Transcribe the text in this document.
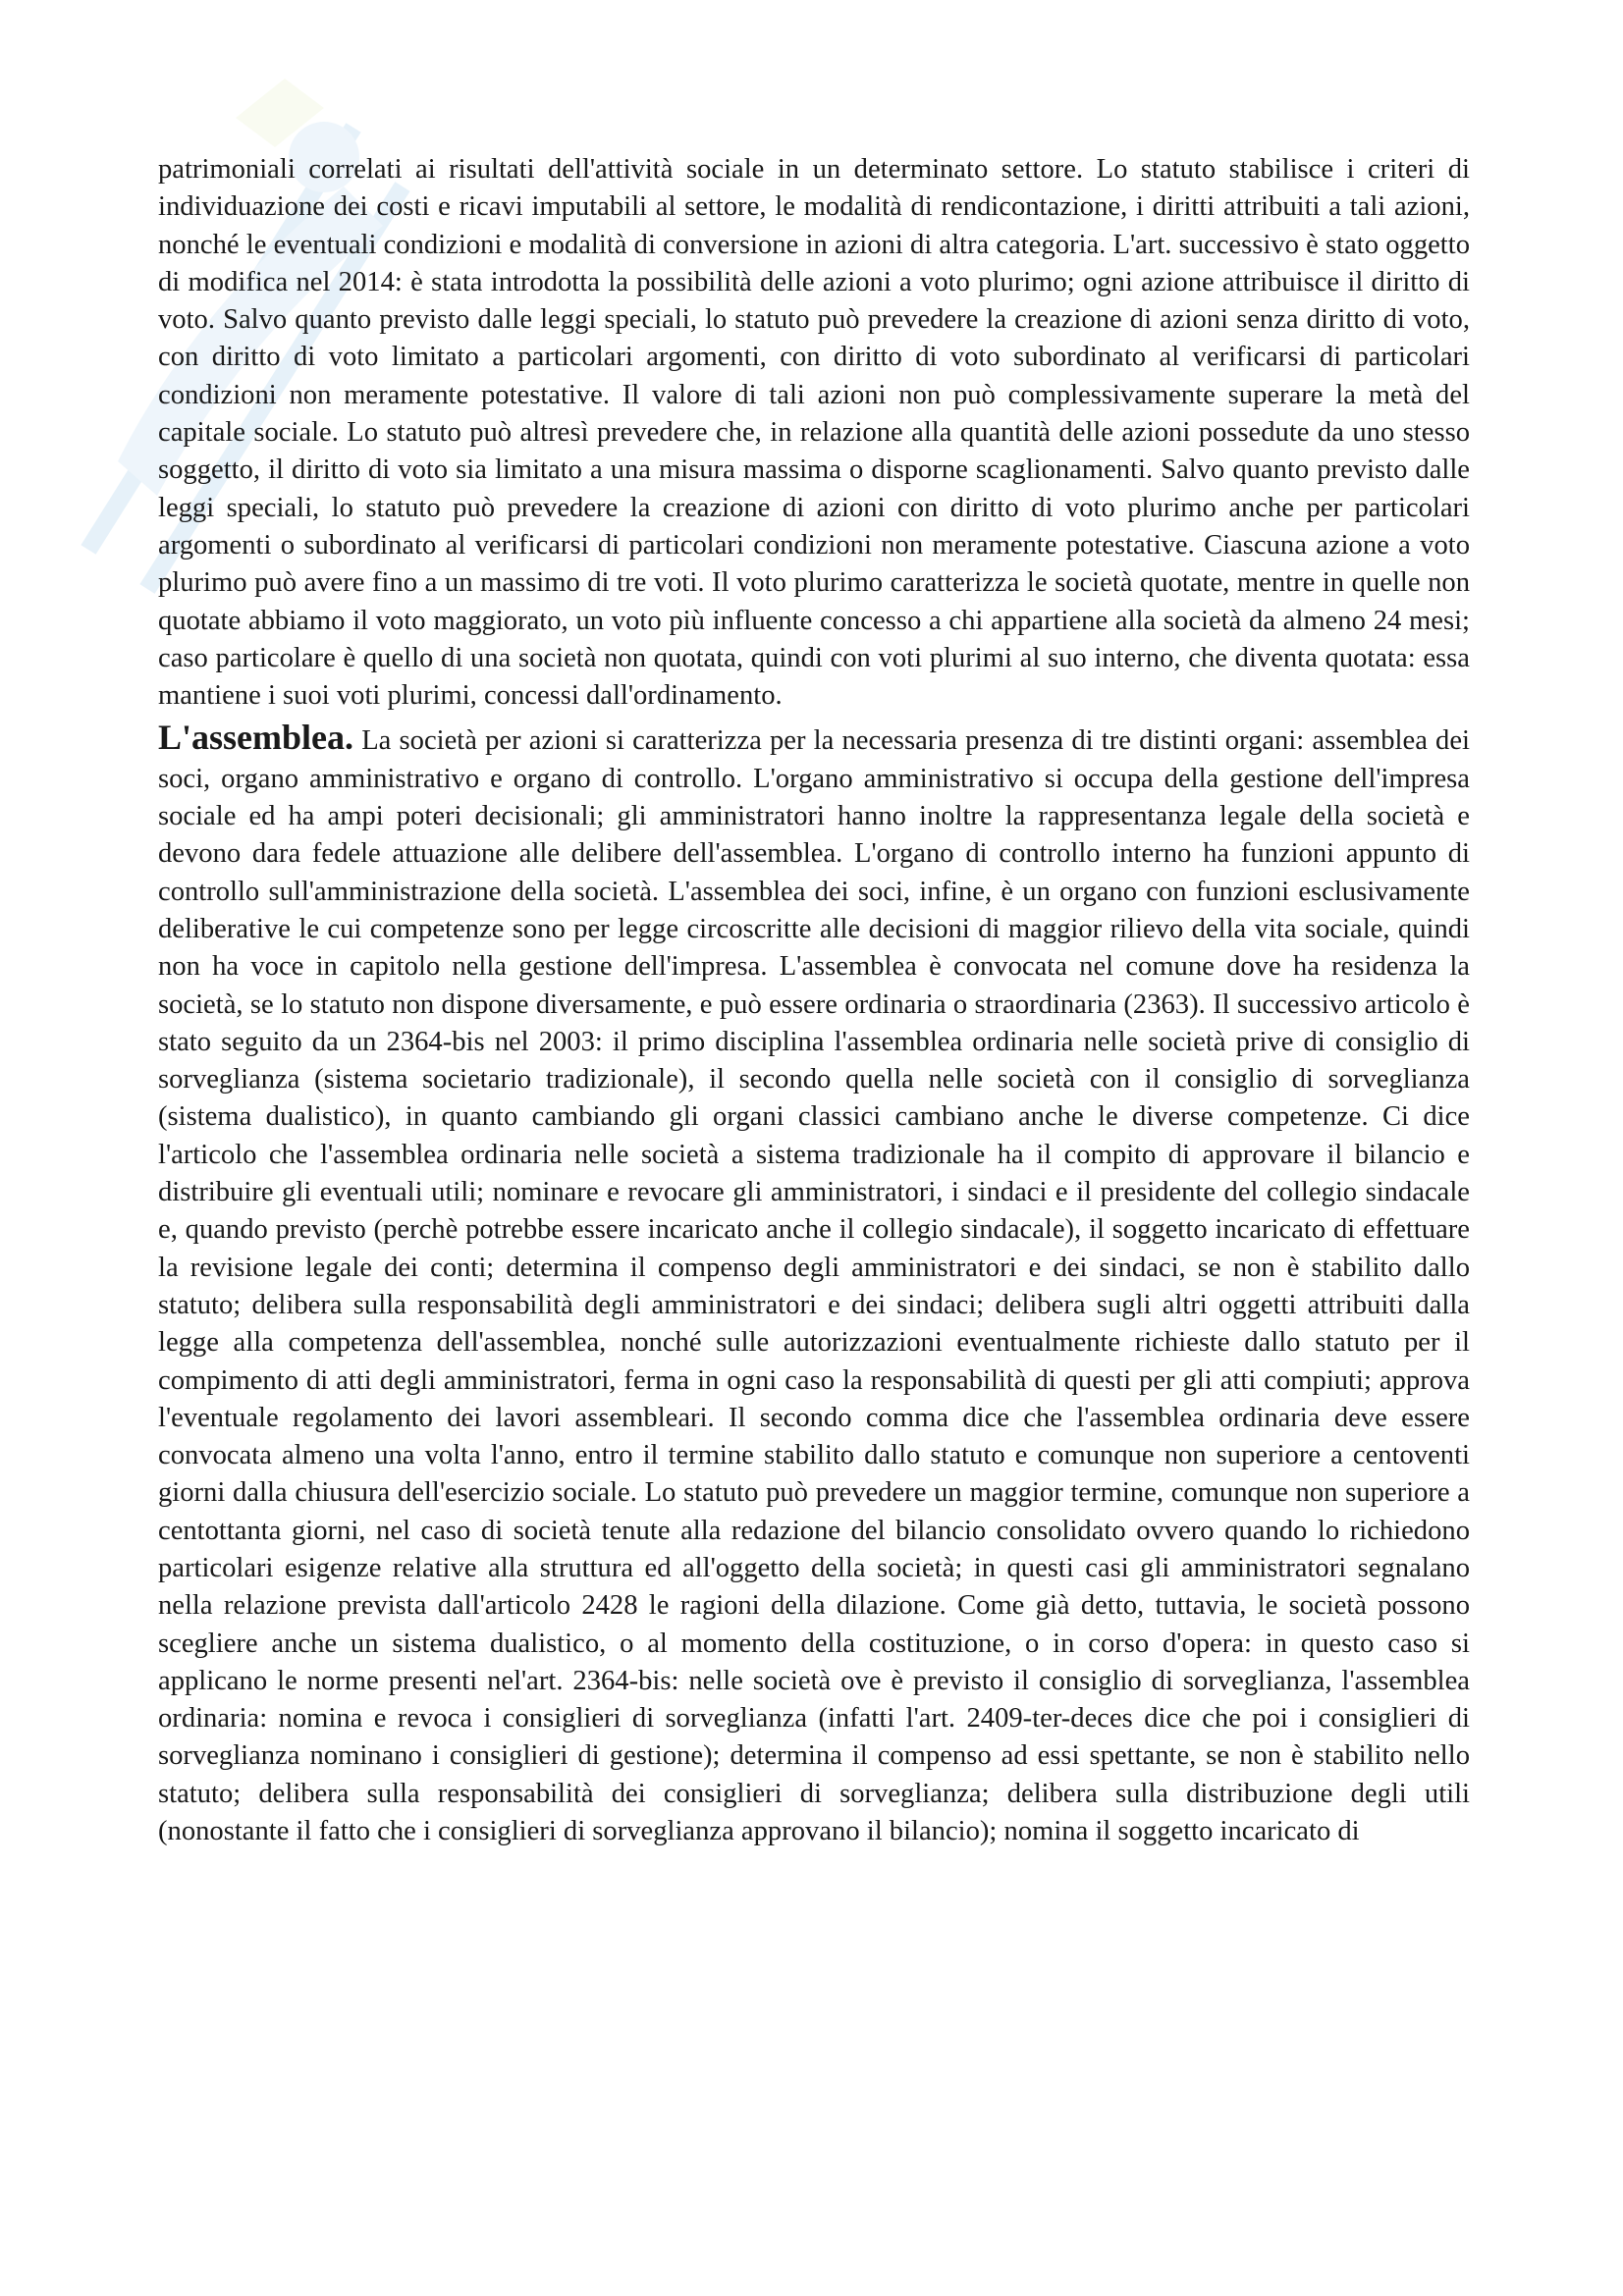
patrimoniali correlati ai risultati dell'attività sociale in un determinato settore. Lo statuto stabilisce i criteri di individuazione dei costi e ricavi imputabili al settore, le modalità di rendicontazione, i diritti attribuiti a tali azioni, nonché le eventuali condizioni e modalità di conversione in azioni di altra categoria. L'art. successivo è stato oggetto di modifica nel 2014: è stata introdotta la possibilità delle azioni a voto plurimo; ogni azione attribuisce il diritto di voto. Salvo quanto previsto dalle leggi speciali, lo statuto può prevedere la creazione di azioni senza diritto di voto, con diritto di voto limitato a particolari argomenti, con diritto di voto subordinato al verificarsi di particolari condizioni non meramente potestative. Il valore di tali azioni non può complessivamente superare la metà del capitale sociale. Lo statuto può altresì prevedere che, in relazione alla quantità delle azioni possedute da uno stesso soggetto, il diritto di voto sia limitato a una misura massima o disporne scaglionamenti. Salvo quanto previsto dalle leggi speciali, lo statuto può prevedere la creazione di azioni con diritto di voto plurimo anche per particolari argomenti o subordinato al verificarsi di particolari condizioni non meramente potestative. Ciascuna azione a voto plurimo può avere fino a un massimo di tre voti. Il voto plurimo caratterizza le società quotate, mentre in quelle non quotate abbiamo il voto maggiorato, un voto più influente concesso a chi appartiene alla società da almeno 24 mesi; caso particolare è quello di una società non quotata, quindi con voti plurimi al suo interno, che diventa quotata: essa mantiene i suoi voti plurimi, concessi dall'ordinamento.

L'assemblea. La società per azioni si caratterizza per la necessaria presenza di tre distinti organi: assemblea dei soci, organo amministrativo e organo di controllo. L'organo amministrativo si occupa della gestione dell'impresa sociale ed ha ampi poteri decisionali; gli amministratori hanno inoltre la rappresentanza legale della società e devono dara fedele attuazione alle delibere dell'assemblea. L'organo di controllo interno ha funzioni appunto di controllo sull'amministrazione della società. L'assemblea dei soci, infine, è un organo con funzioni esclusivamente deliberative le cui competenze sono per legge circoscritte alle decisioni di maggior rilievo della vita sociale, quindi non ha voce in capitolo nella gestione dell'impresa. L'assemblea è convocata nel comune dove ha residenza la società, se lo statuto non dispone diversamente, e può essere ordinaria o straordinaria (2363). Il successivo articolo è stato seguito da un 2364-bis nel 2003: il primo disciplina l'assemblea ordinaria nelle società prive di consiglio di sorveglianza (sistema societario tradizionale), il secondo quella nelle società con il consiglio di sorveglianza (sistema dualistico), in quanto cambiando gli organi classici cambiano anche le diverse competenze. Ci dice l'articolo che l'assemblea ordinaria nelle società a sistema tradizionale ha il compito di approvare il bilancio e distribuire gli eventuali utili; nominare e revocare gli amministratori, i sindaci e il presidente del collegio sindacale e, quando previsto (perchè potrebbe essere incaricato anche il collegio sindacale), il soggetto incaricato di effettuare la revisione legale dei conti; determina il compenso degli amministratori e dei sindaci, se non è stabilito dallo statuto; delibera sulla responsabilità degli amministratori e dei sindaci; delibera sugli altri oggetti attribuiti dalla legge alla competenza dell'assemblea, nonché sulle autorizzazioni eventualmente richieste dallo statuto per il compimento di atti degli amministratori, ferma in ogni caso la responsabilità di questi per gli atti compiuti; approva l'eventuale regolamento dei lavori assembleari. Il secondo comma dice che l'assemblea ordinaria deve essere convocata almeno una volta l'anno, entro il termine stabilito dallo statuto e comunque non superiore a centoventi giorni dalla chiusura dell'esercizio sociale. Lo statuto può prevedere un maggior termine, comunque non superiore a centottanta giorni, nel caso di società tenute alla redazione del bilancio consolidato ovvero quando lo richiedono particolari esigenze relative alla struttura ed all'oggetto della società; in questi casi gli amministratori segnalano nella relazione prevista dall'articolo 2428 le ragioni della dilazione. Come già detto, tuttavia, le società possono scegliere anche un sistema dualistico, o al momento della costituzione, o in corso d'opera: in questo caso si applicano le norme presenti nel'art. 2364-bis: nelle società ove è previsto il consiglio di sorveglianza, l'assemblea ordinaria: nomina e revoca i consiglieri di sorveglianza (infatti l'art. 2409-ter-deces dice che poi i consiglieri di sorveglianza nominano i consiglieri di gestione); determina il compenso ad essi spettante, se non è stabilito nello statuto; delibera sulla responsabilità dei consiglieri di sorveglianza; delibera sulla distribuzione degli utili (nonostante il fatto che i consiglieri di sorveglianza approvano il bilancio); nomina il soggetto incaricato di
